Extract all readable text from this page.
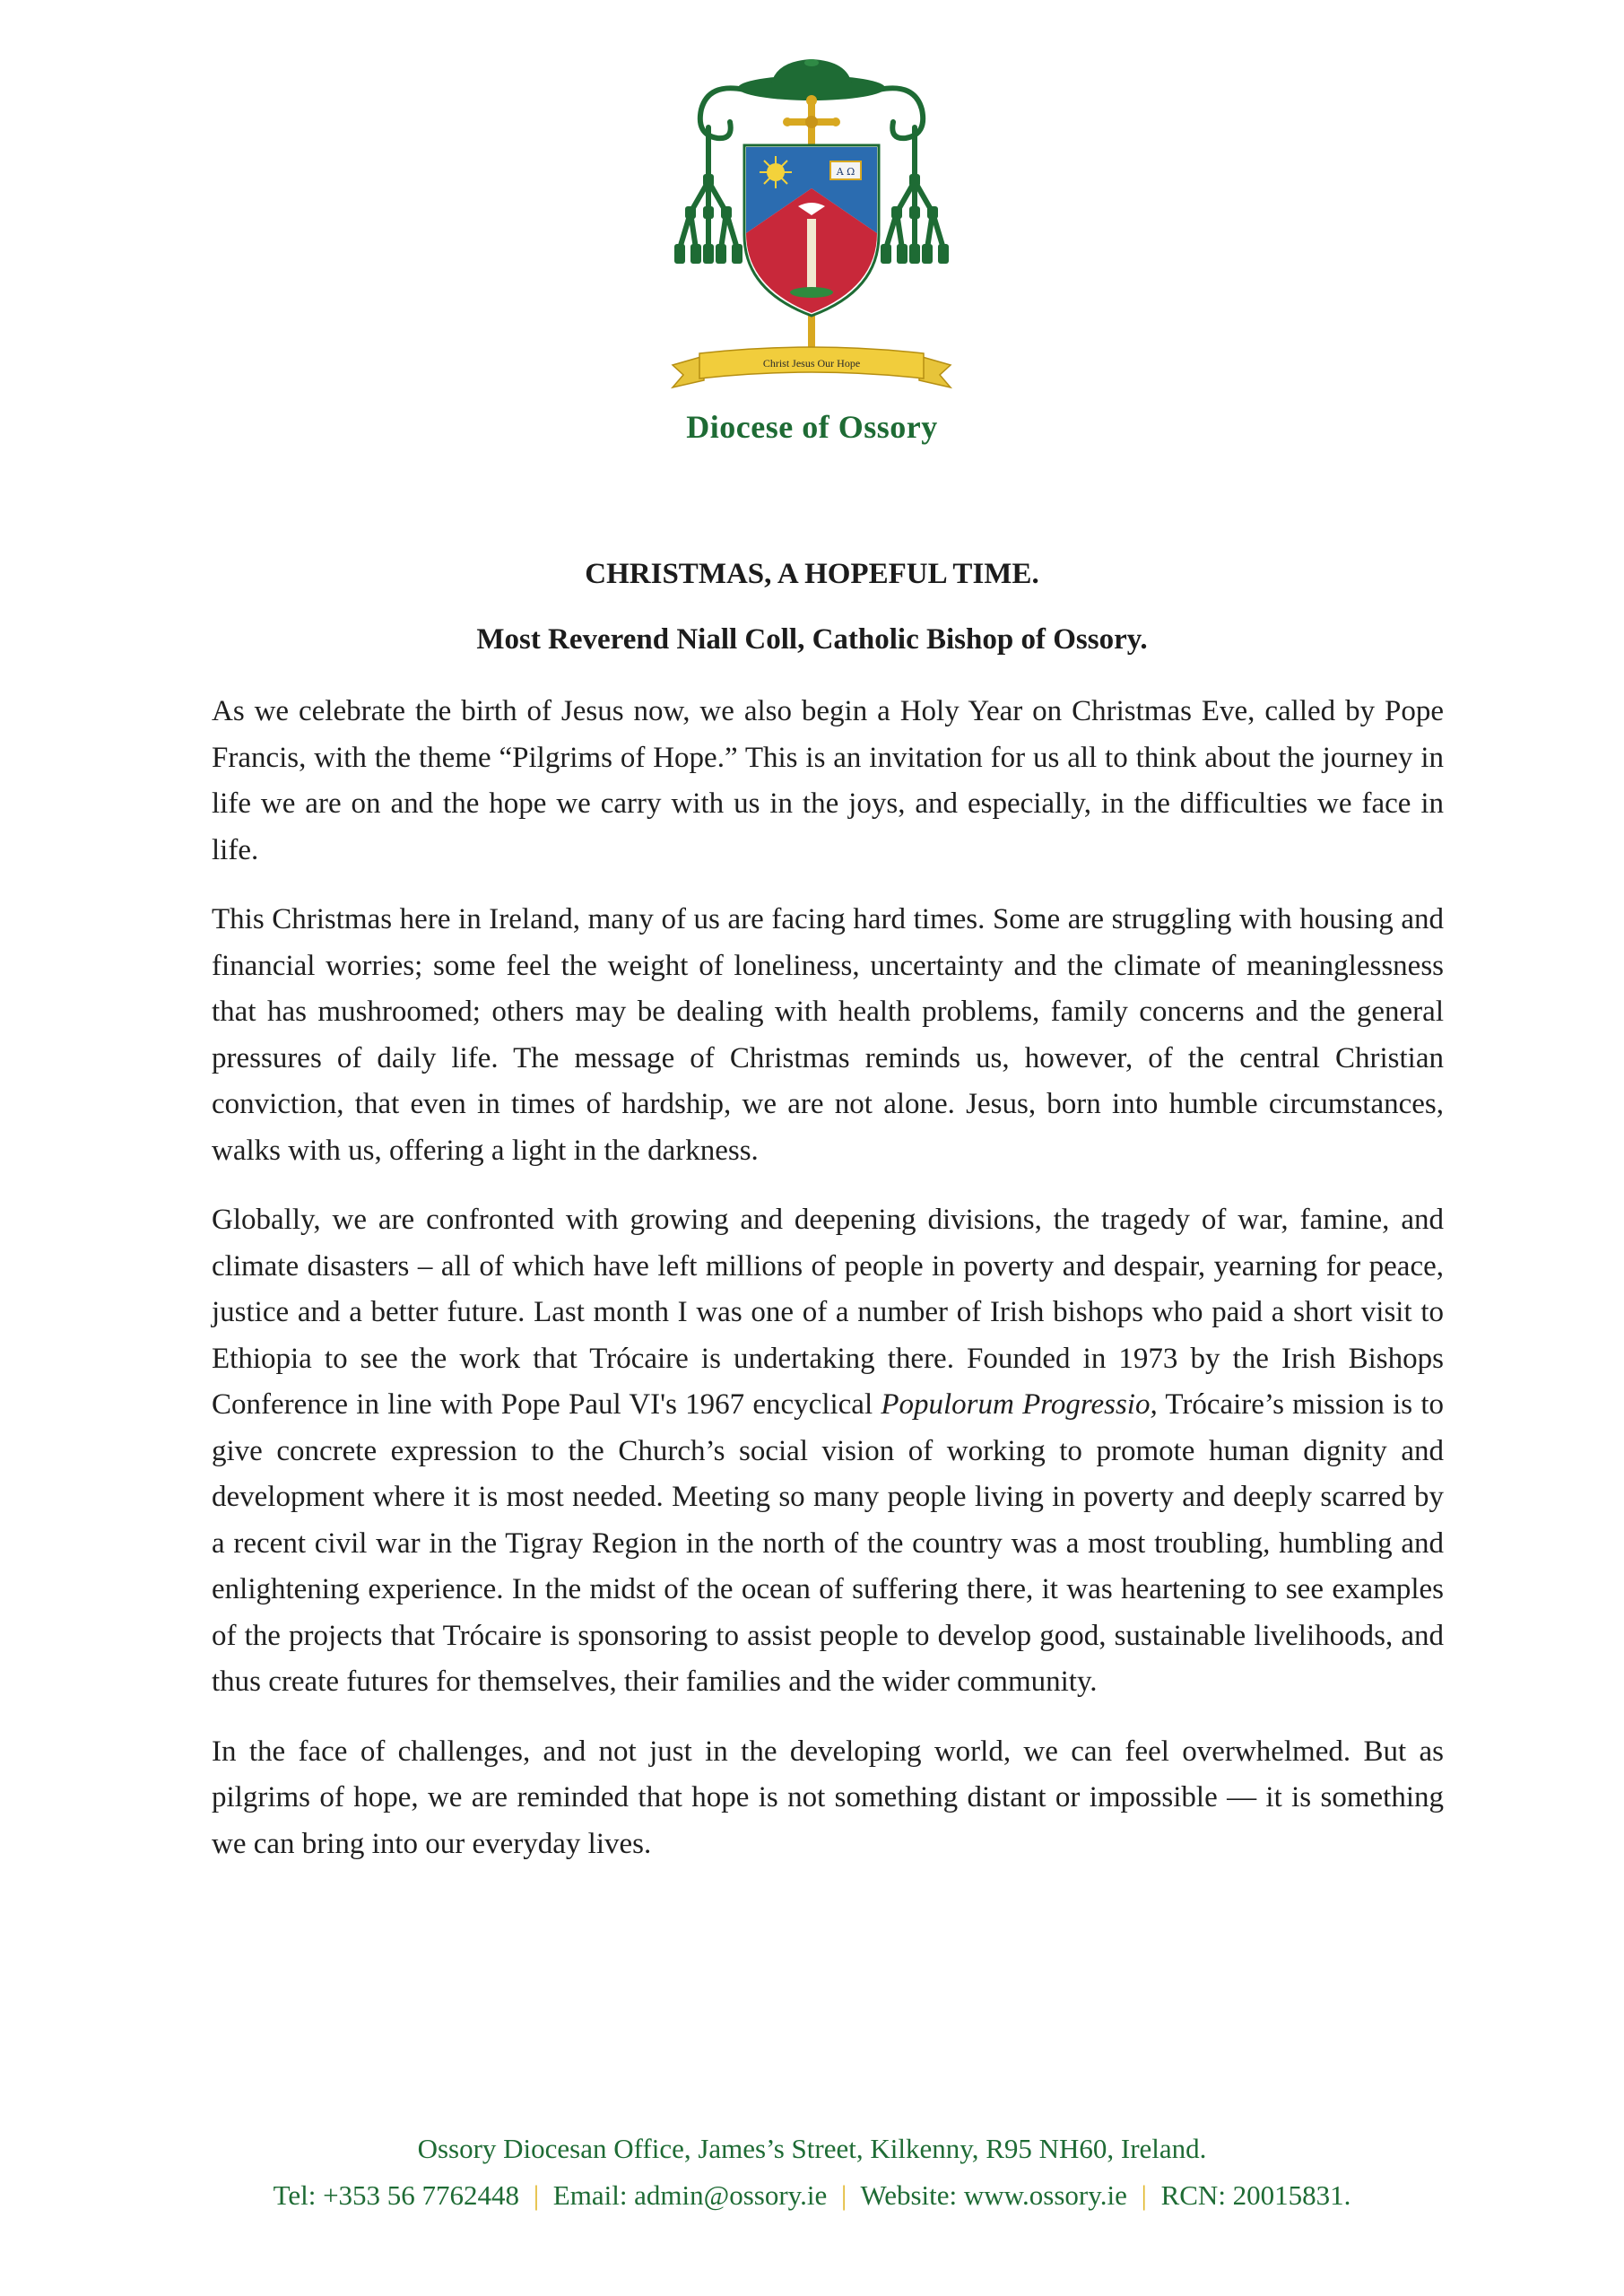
A Ω
Christ Jesus Our Hope
Diocese of Ossory
CHRISTMAS, A HOPEFUL TIME.
Most Reverend Niall Coll, Catholic Bishop of Ossory.

As we celebrate the birth of Jesus now, we also begin a Holy Year on Christmas Eve, called by Pope Francis, with the theme “Pilgrims of Hope.” This is an invitation for us all to think about the journey in life we are on and the hope we carry with us in the joys, and especially, in the difficulties we face in life.

This Christmas here in Ireland, many of us are facing hard times. Some are struggling with housing and financial worries; some feel the weight of loneliness, uncertainty and the climate of meaninglessness that has mushroomed; others may be dealing with health problems, family concerns and the general pressures of daily life. The message of Christmas reminds us, however, of the central Christian conviction, that even in times of hardship, we are not alone. Jesus, born into humble circumstances, walks with us, offering a light in the darkness.

Globally, we are confronted with growing and deepening divisions, the tragedy of war, famine, and climate disasters – all of which have left millions of people in poverty and despair, yearning for peace, justice and a better future. Last month I was one of a number of Irish bishops who paid a short visit to Ethiopia to see the work that Trócaire is undertaking there. Founded in 1973 by the Irish Bishops Conference in line with Pope Paul VI's 1967 encyclical Populorum Progressio, Trócaire’s mission is to give concrete expression to the Church’s social vision of working to promote human dignity and development where it is most needed. Meeting so many people living in poverty and deeply scarred by a recent civil war in the Tigray Region in the north of the country was a most troubling, humbling and enlightening experience. In the midst of the ocean of suffering there, it was heartening to see examples of the projects that Trócaire is sponsoring to assist people to develop good, sustainable livelihoods, and thus create futures for themselves, their families and the wider community.

In the face of challenges, and not just in the developing world, we can feel overwhelmed. But as pilgrims of hope, we are reminded that hope is not something distant or impossible — it is something we can bring into our everyday lives.

Ossory Diocesan Office, James’s Street, Kilkenny, R95 NH60, Ireland.
Tel: +353 56 7762448 | Email: admin@ossory.ie | Website: www.ossory.ie | RCN: 20015831.
